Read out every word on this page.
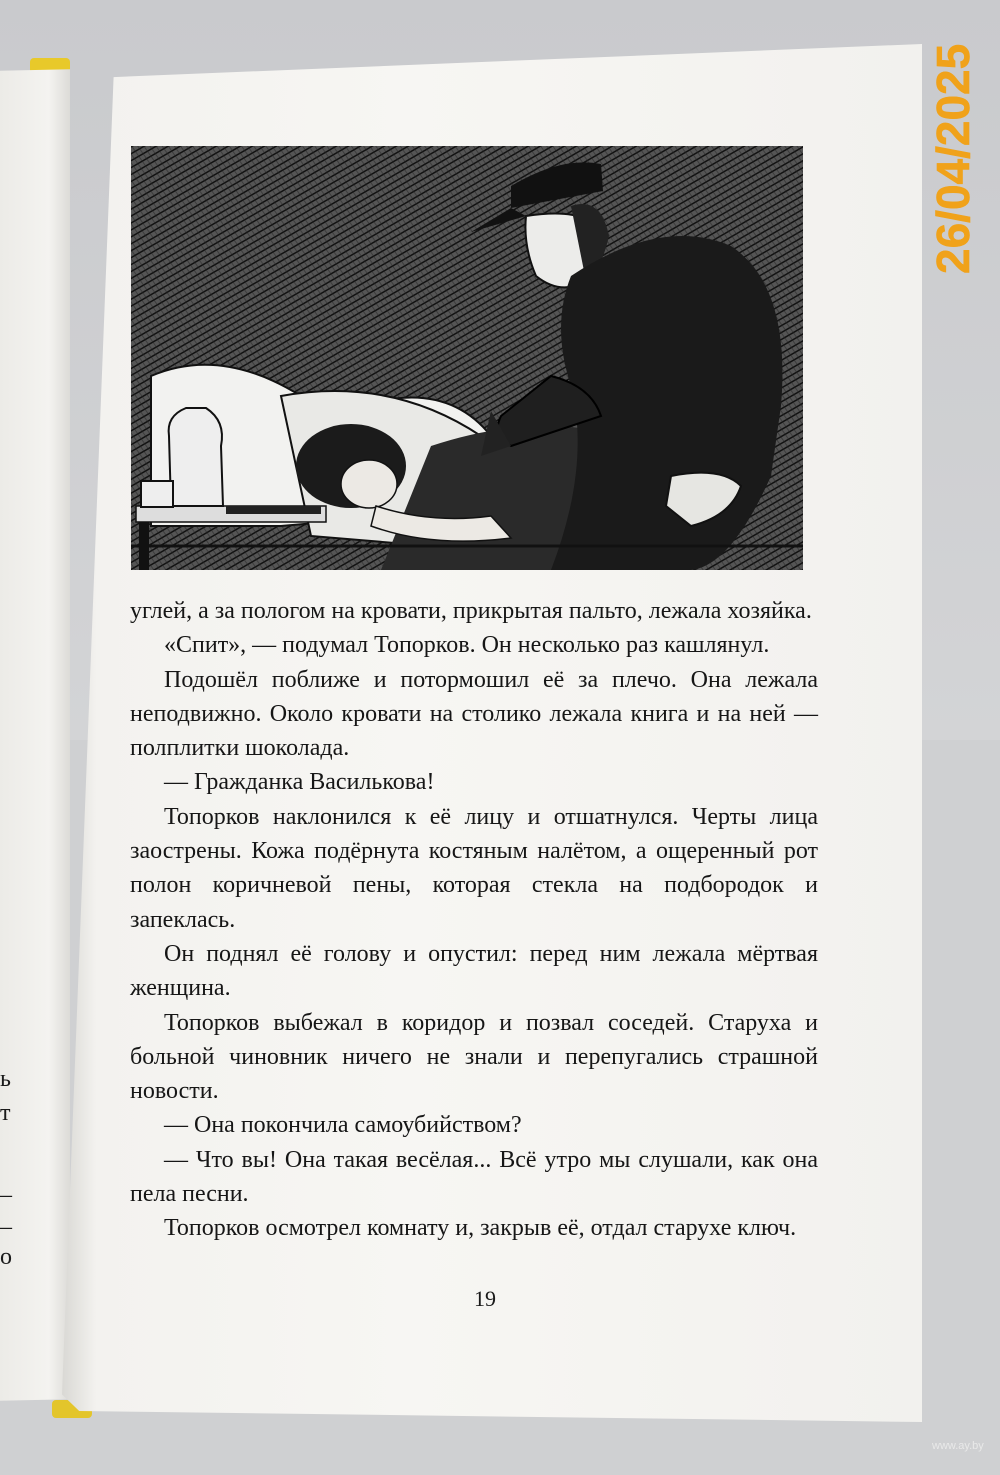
ь
т
–
–
о

углей, а за пологом на кровати, прикрытая пальто, лежала хозяйка.

«Спит», — подумал Топорков. Он несколько раз кашлянул.

Подошёл поближе и потормошил её за плечо. Она лежала неподвижно. Около кровати на столико лежала книга и на ней — полплитки шоколада.

— Гражданка Василькова!

Топорков наклонился к её лицу и отшатнулся. Черты лица заострены. Кожа подёрнута костяным налётом, а ощеренный рот полон коричневой пены, которая стекла на подбородок и запеклась.

Он поднял её голову и опустил: перед ним лежала мёртвая женщина.

Топорков выбежал в коридор и позвал соседей. Старуха и больной чиновник ничего не знали и перепугались страшной новости.

— Она покончила самоубийством?

— Что вы! Она такая весёлая... Всё утро мы слушали, как она пела песни.

Топорков осмотрел комнату и, закрыв её, отдал старухе ключ.

19
26/04/2025
www.ay.by
